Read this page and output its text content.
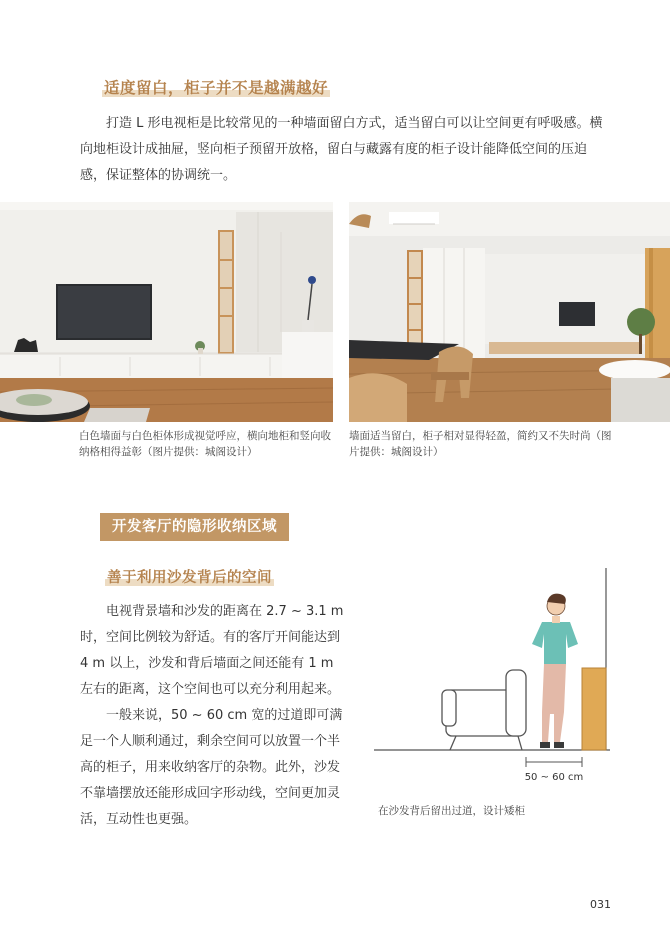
适度留白，柜子并不是越满越好
打造 L 形电视柜是比较常见的一种墙面留白方式，适当留白可以让空间更有呼吸感。横向地柜设计成抽屉，竖向柜子预留开放格，留白与藏露有度的柜子设计能降低空间的压迫感，保证整体的协调统一。
白色墙面与白色柜体形成视觉呼应，横向地柜和竖向收纳格相得益彰（图片提供：城阁设计）
墙面适当留白，柜子相对显得轻盈，简约又不失时尚（图片提供：城阁设计）
开发客厅的隐形收纳区域
善于利用沙发背后的空间
电视背景墙和沙发的距离在 2.7 ~ 3.1 m 时，空间比例较为舒适。有的客厅开间能达到 4 m 以上，沙发和背后墙面之间还能有 1 m 左右的距离，这个空间也可以充分利用起来。
一般来说，50 ~ 60 cm 宽的过道即可满足一个人顺利通过，剩余空间可以放置一个半高的柜子，用来收纳客厅的杂物。此外，沙发不靠墙摆放还能形成回字形动线，空间更加灵活，互动性也更强。
50 ~ 60 cm
在沙发背后留出过道，设计矮柜
031
